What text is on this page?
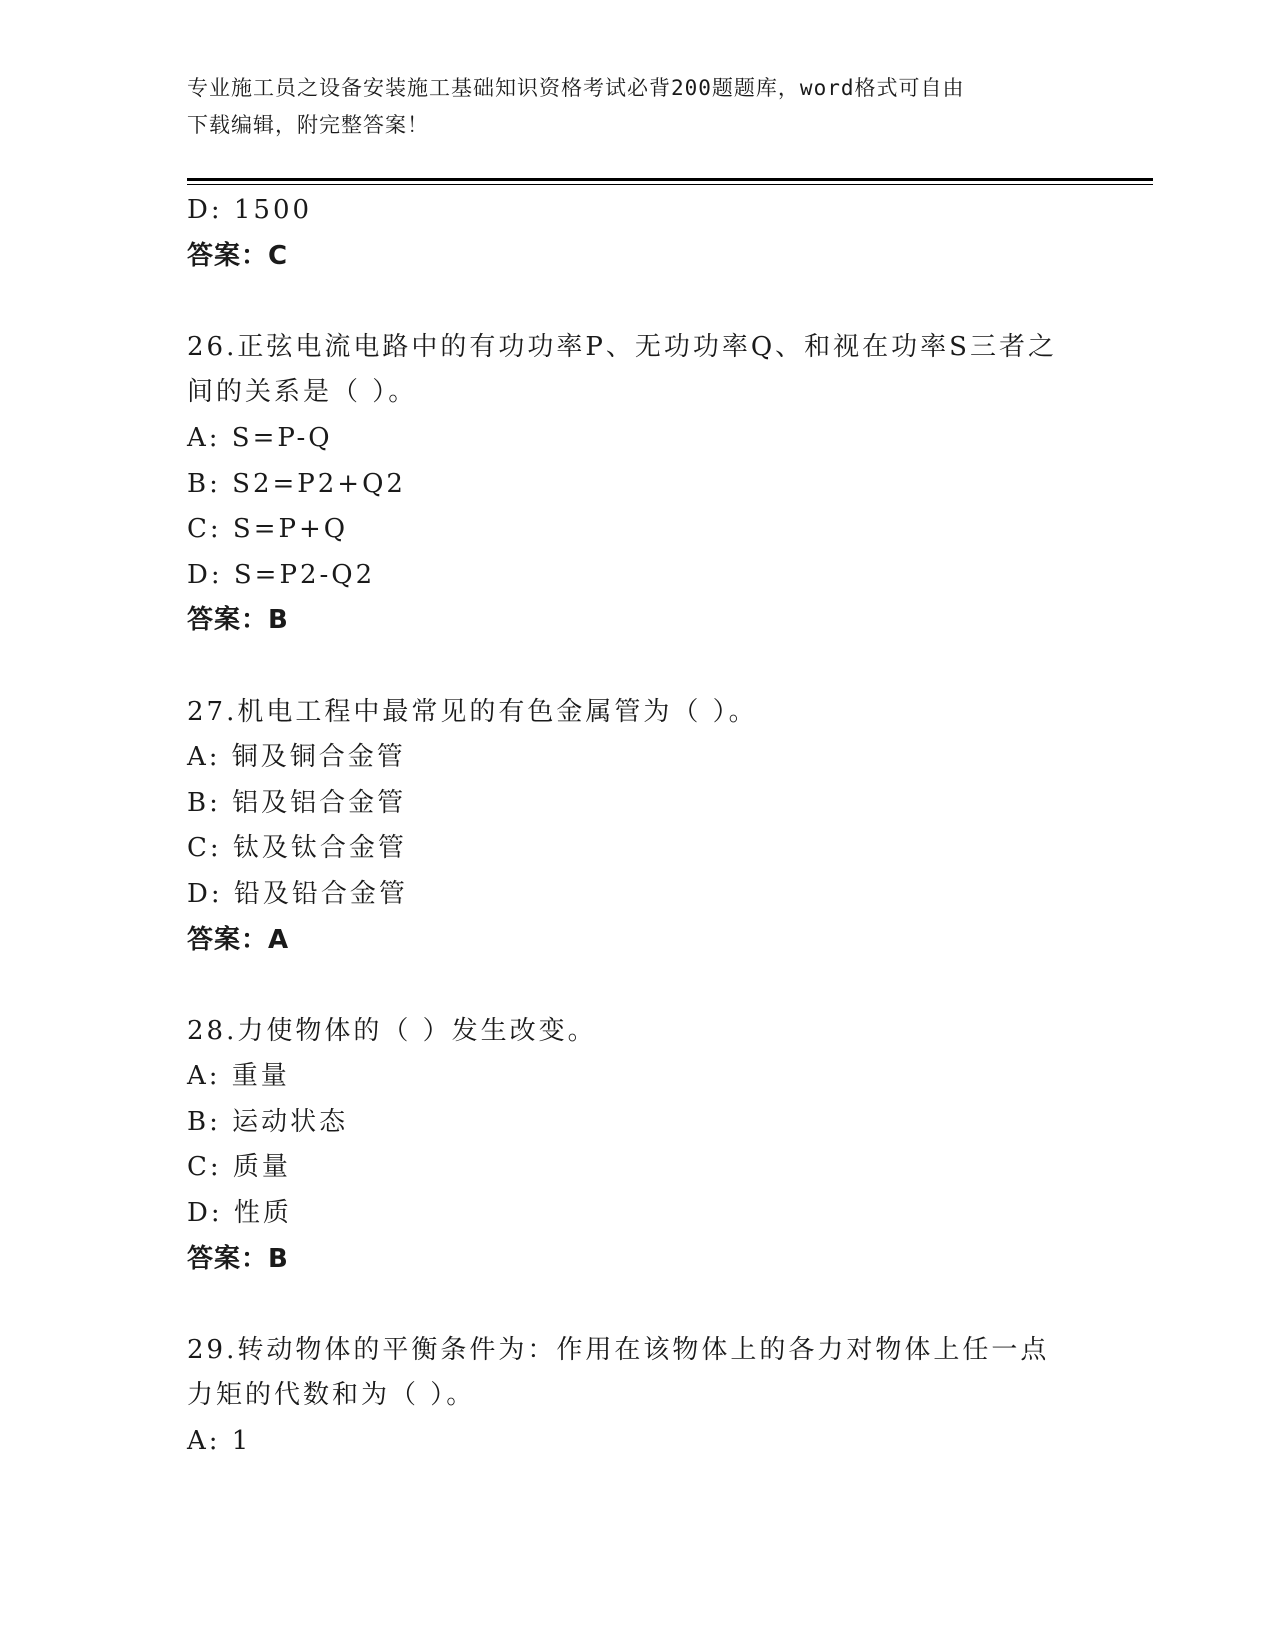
专业施工员之设备安装施工基础知识资格考试必背200题题库，word格式可自由
下载编辑，附完整答案！
D: 1500
答案：C
26.正弦电流电路中的有功功率P、无功功率Q、和视在功率S三者之间的关系是（ ）。
A: S=P-Q
B: S2=P2+Q2
C: S=P+Q
D: S=P2-Q2
答案：B
27.机电工程中最常见的有色金属管为（ ）。
A: 铜及铜合金管
B: 铝及铝合金管
C: 钛及钛合金管
D: 铅及铅合金管
答案：A
28.力使物体的（ ）发生改变。
A: 重量
B: 运动状态
C: 质量
D: 性质
答案：B
29.转动物体的平衡条件为：作用在该物体上的各力对物体上任一点力矩的代数和为（ ）。
A: 1
